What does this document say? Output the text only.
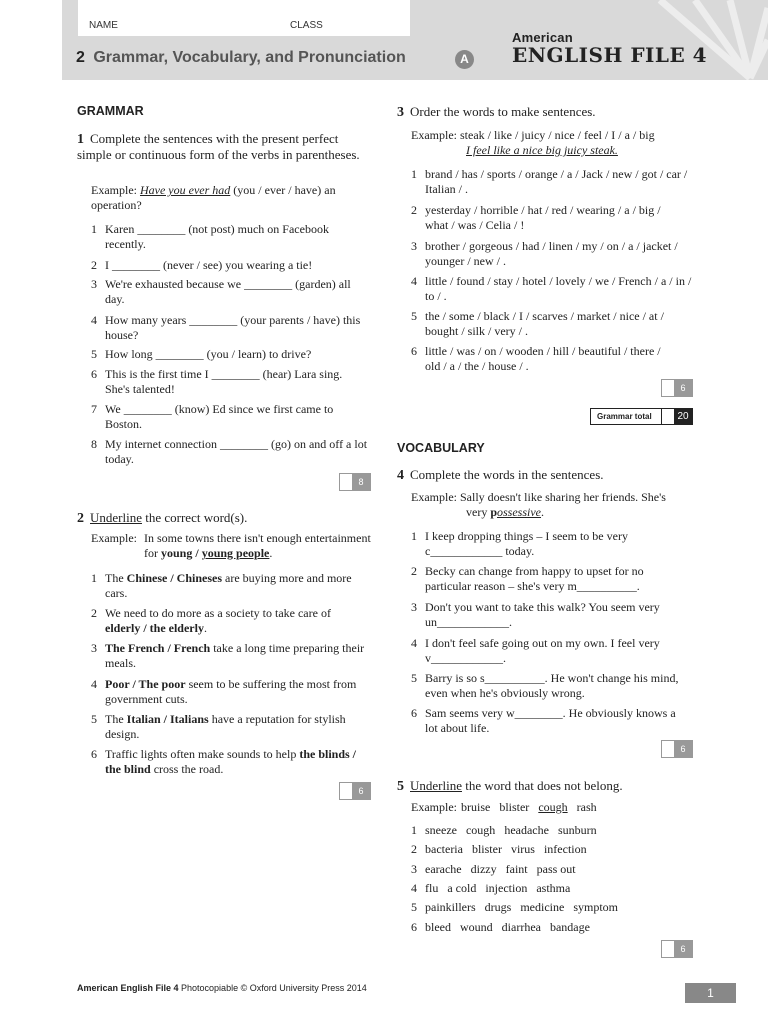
NAME	CLASS
2 Grammar, Vocabulary, and Pronunciation	A
American
ENGLISH FILE 4
GRAMMAR
1 Complete the sentences with the present perfect simple or continuous form of the verbs in parentheses.
Example: Have you ever had (you / ever / have) an operation?
1 Karen ________ (not post) much on Facebook recently.
2 I ________ (never / see) you wearing a tie!
3 We're exhausted because we ________ (garden) all day.
4 How many years ________ (your parents / have) this house?
5 How long ________ (you / learn) to drive?
6 This is the first time I ________ (hear) Lara sing. She's talented!
7 We ________ (know) Ed since we first came to Boston.
8 My internet connection ________ (go) on and off a lot today.
8
2 Underline the correct word(s).
Example: In some towns there isn't enough entertainment for young / young people.
1 The Chinese / Chineses are buying more and more cars.
2 We need to do more as a society to take care of elderly / the elderly.
3 The French / French take a long time preparing their meals.
4 Poor / The poor seem to be suffering the most from government cuts.
5 The Italian / Italians have a reputation for stylish design.
6 Traffic lights often make sounds to help the blinds / the blind cross the road.
6
3 Order the words to make sentences.
Example: steak / like / juicy / nice / feel / I / a / big
I feel like a nice big juicy steak.
1 brand / has / sports / orange / a / Jack / new / got / car /
Italian / .
2 yesterday / horrible / hat / red / wearing / a / big /
what / was / Celia / !
3 brother / gorgeous / had / linen / my / on / a / jacket /
younger / new / .
4 little / found / stay / hotel / lovely / we / French / a / in /
to / .
5 the / some / black / I / scarves / market / nice / at /
bought / silk / very / .
6 little / was / on / wooden / hill / beautiful / there /
old / a / the / house / .
6
Grammar total	20
VOCABULARY
4 Complete the words in the sentences.
Example: Sally doesn't like sharing her friends. She's
very possessive.
1 I keep dropping things – I seem to be very
c____________ today.
2 Becky can change from happy to upset for no
particular reason – she's very m__________.
3 Don't you want to take this walk? You seem very
un____________.
4 I don't feel safe going out on my own. I feel very
v____________.
5 Barry is so s__________. He won't change his mind,
even when he's obviously wrong.
6 Sam seems very w________. He obviously knows a
lot about life.
6
5 Underline the word that does not belong.
Example: bruise blister cough rash
1 sneeze cough headache sunburn
2 bacteria blister virus infection
3 earache dizzy faint pass out
4 flu a cold injection asthma
5 painkillers drugs medicine symptom
6 bleed wound diarrhea bandage
6
American English File 4 Photocopiable © Oxford University Press 2014	1
